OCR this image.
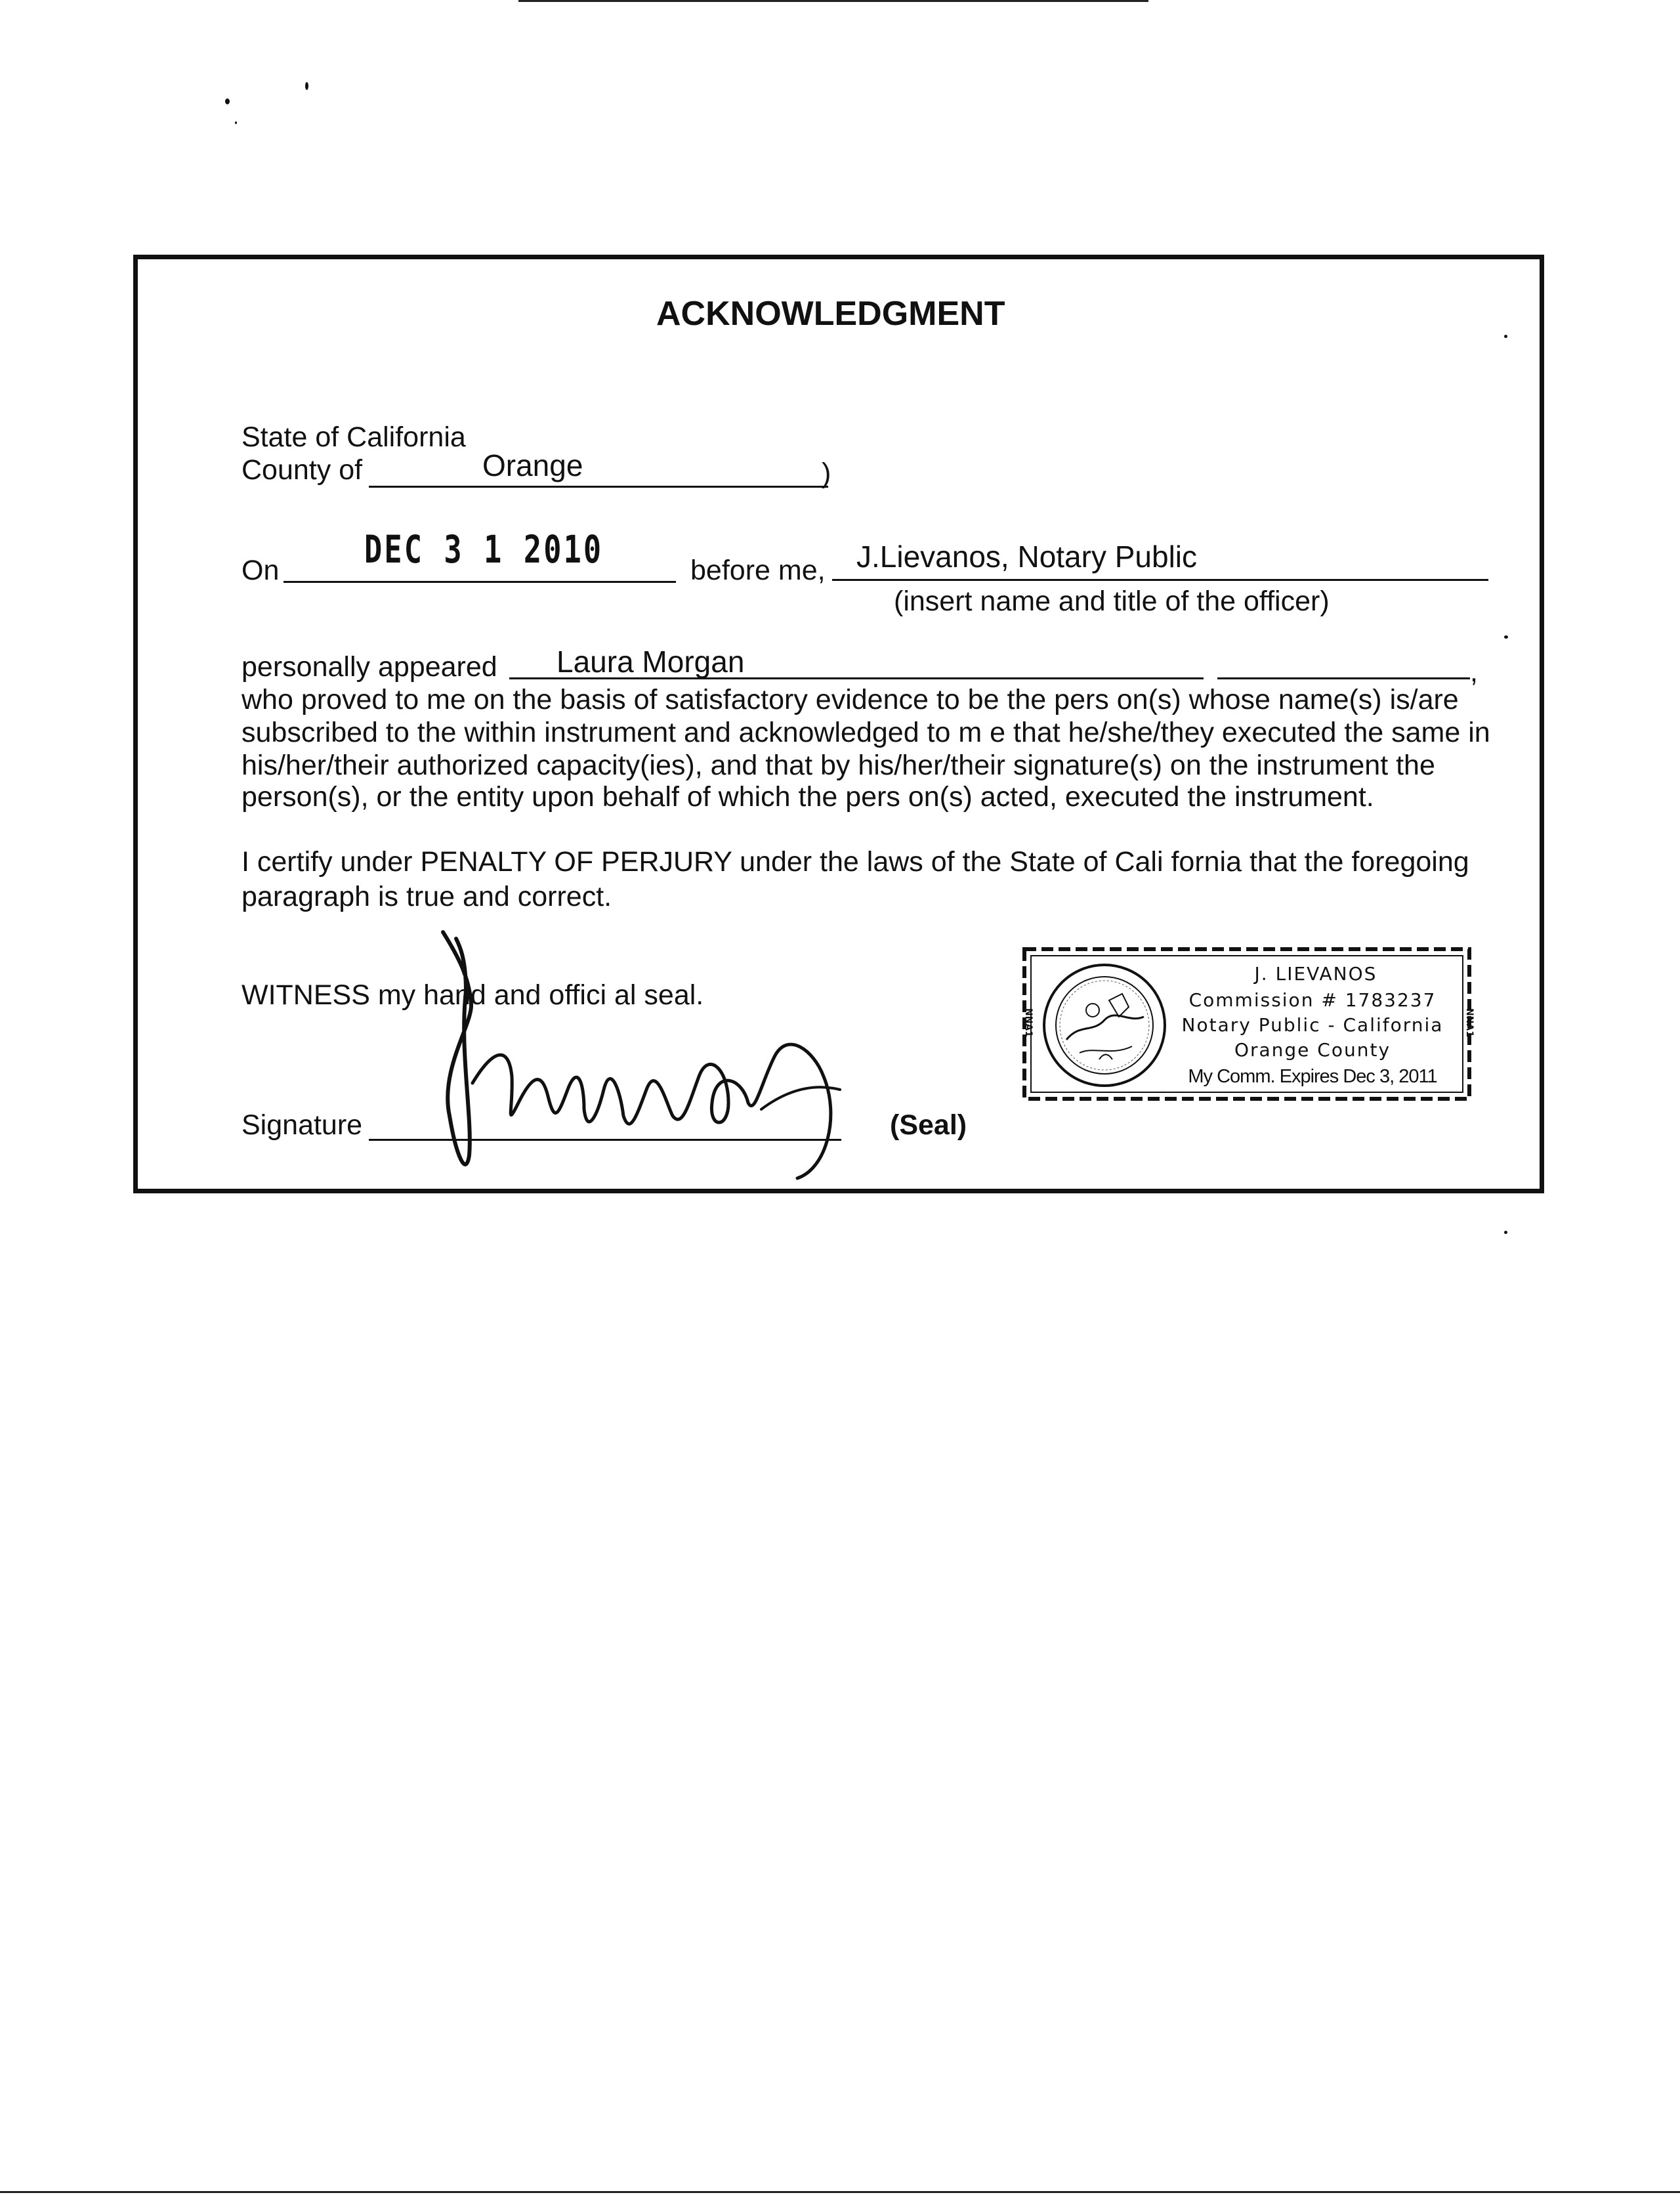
ACKNOWLEDGMENT
State of California
County of	Orange	)
On DEC 3 1 2010	before me, J.Lievanos, Notary Public
(insert name and title of the officer)
personally appeared Laura Morgan	,
who proved to me on the basis of satisfactory evidence to be the pers on(s) whose name(s) is/are
subscribed to the within instrument and acknowledged to m e that he/she/they executed the same in
his/her/their authorized capacity(ies), and that by his/her/their signature(s) on the instrument the
person(s), or the entity upon behalf of which the pers on(s) acted, executed the instrument.
I certify under PENALTY OF PERJURY under the laws of the State of Cali fornia that the foregoing
paragraph is true and correct.
WITNESS my hand and offici al seal.
Signature	(Seal)
NNA1	NNA1
J. LIEVANOS
Commission # 1783237
Notary Public - California
Orange County
My Comm. Expires Dec 3, 2011
